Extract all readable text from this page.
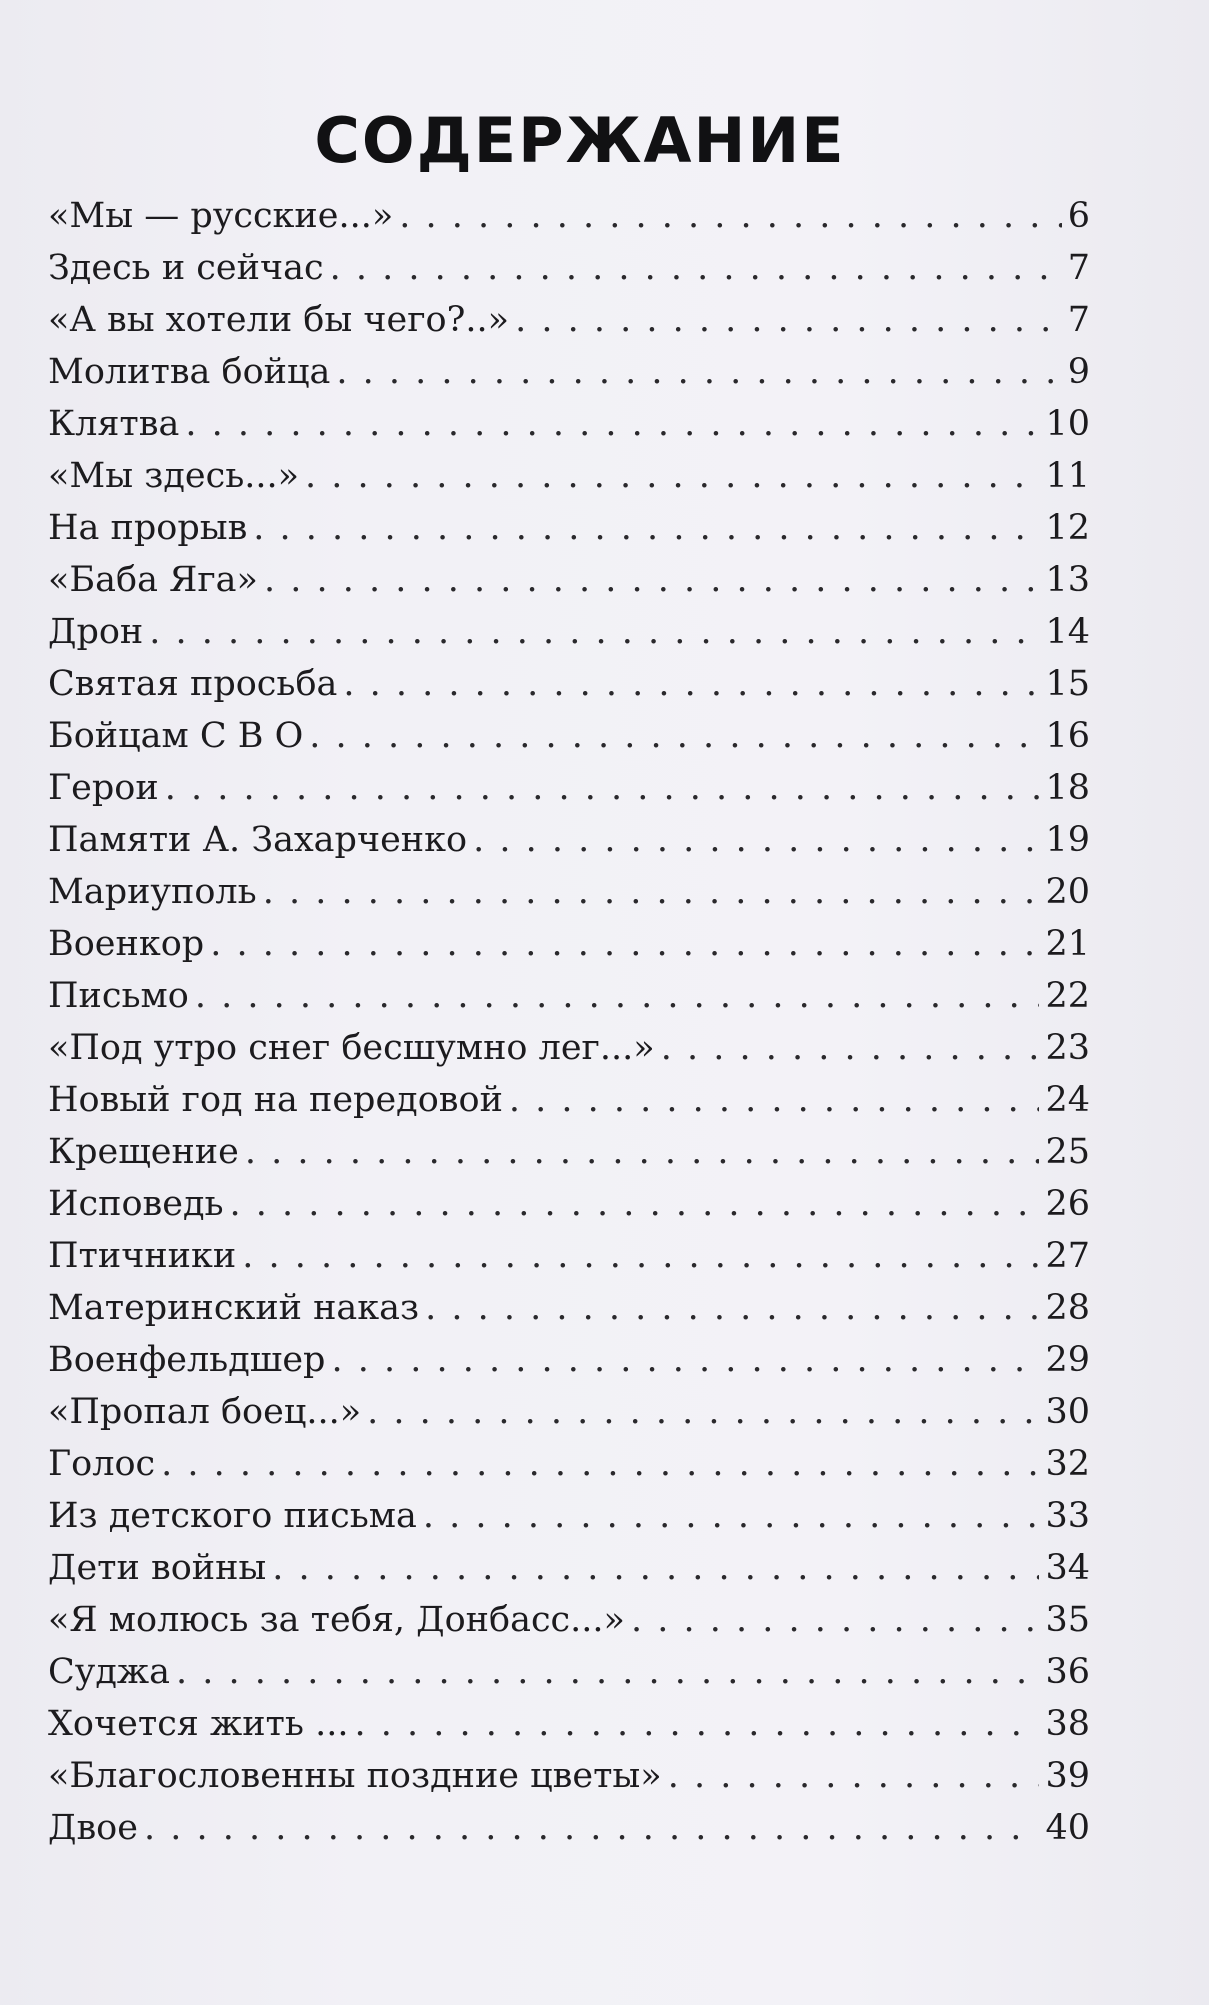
СОДЕРЖАНИЕ
«Мы — русские...» . . .	6
Здесь и сейчас . . .	7
«А вы хотели бы чего?..» . . .	7
Молитва бойца . . .	9
Клятва . . .	10
«Мы здесь...» . . .	11
На прорыв . . .	12
«Баба Яга» . . .	13
Дрон . . .	14
Святая просьба . . .	15
Бойцам С В О . . .	16
Герои . . .	18
Памяти А. Захарченко . . .	19
Мариуполь . . .	20
Военкор . . .	21
Письмо . . .	22
«Под утро снег бесшумно лег...» . . .	23
Новый год на передовой . . .	24
Крещение . . .	25
Исповедь . . .	26
Птичники . . .	27
Материнский наказ . . .	28
Военфельдшер . . .	29
«Пропал боец...» . . .	30
Голос . . .	32
Из детского письма . . .	33
Дети войны . . .	34
«Я молюсь за тебя, Донбасс...» . . .	35
Суджа . . .	36
Хочется жить ... . . .	38
«Благословенны поздние цветы» . . .	39
Двое . . .	40
